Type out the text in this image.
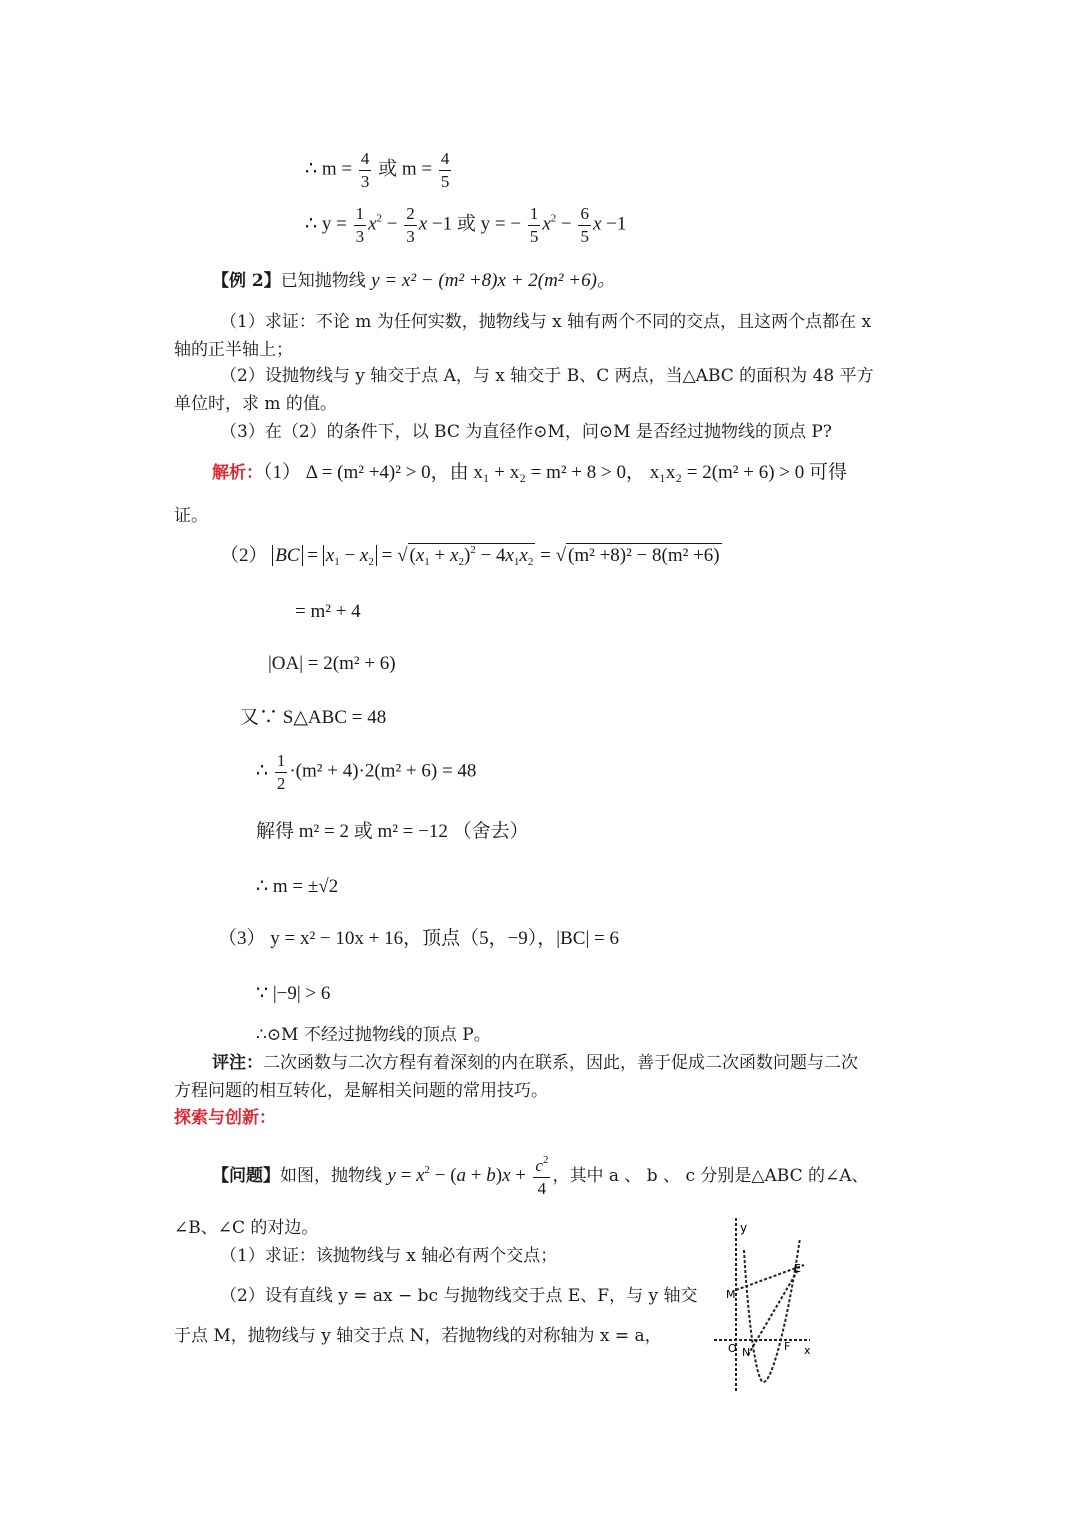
∴ $m = \frac{4}{3}$ 或 $m = \frac{4}{5}$
∴ $y = \frac{1}{3} x^2 - \frac{2}{3}$ x −1 或 y = − $\frac{1}{5} x^2 - \frac{6}{5}$ x −1
【例 2】已知抛物线 y = x² − (m² +8)x + 2(m² +6)。
（1）求证：不论 m 为任何实数，抛物线与 x 轴有两个不同的交点，且这两个点都在 x
轴的正半轴上；
（2）设抛物线与 y 轴交于点 A，与 x 轴交于 B、C 两点，当△ABC 的面积为 48 平方
单位时，求 m 的值。
（3）在（2）的条件下，以 BC 为直径作⊙M，问⊙M 是否经过抛物线的顶点 P?
解析：（1） Δ = (m² +4)² > 0，由 x₁ + x₂ = m² + 8 > 0， x₁x₂ = 2(m² + 6) > 0 可得
证。
（2） BC = $x_1 - x_2$ = √ $(x_1 + x_2)^2 - 4x_1x_2$ = √ (m² +8)² − 8(m² +6)
= m² + 4
|OA| = 2(m² + 6)
又∵ S△ABC = 48
∴ $\frac{1}{2} \cdot(m^2 + 4)\cdot 2(m^2 + 6) = 48$
解得 m² = 2 或 m² = −12 （舍去）
∴ m = ±√2
（3） y = x² − 10x + 16，顶点（5，−9），|BC| = 6
∵ |−9| > 6
∴⊙M 不经过抛物线的顶点 P。
评注：二次函数与二次方程有着深刻的内在联系，因此，善于促成二次函数问题与二次
方程问题的相互转化，是解相关问题的常用技巧。
探索与创新：
【问题】如图，抛物线 $y = x^2 - (a + b)x + \frac{c^2}{4}$ ，其中 a 、 b 、 c 分别是△ABC 的∠A、
∠B、∠C 的对边。
（1）求证：该抛物线与 x 轴必有两个交点；
（2）设有直线 y = ax − bc 与抛物线交于点 E、F，与 y 轴交
于点 M，抛物线与 y 轴交于点 N，若抛物线的对称轴为 x = a，
y
E
M
F
O N	x
